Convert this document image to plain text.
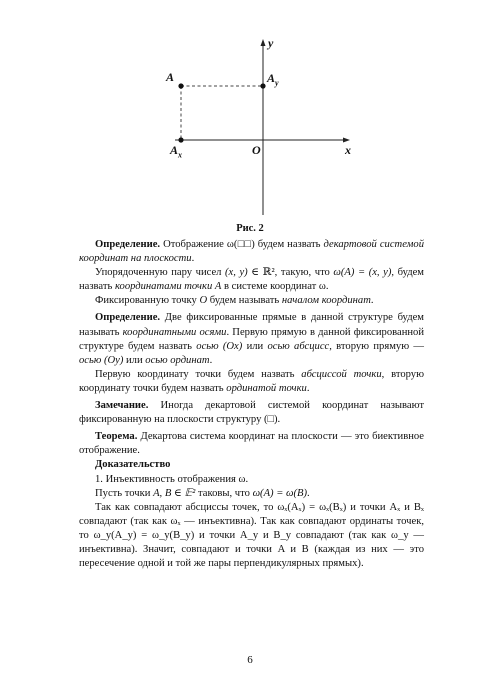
y
A	$A_y$
$A_x$	O	x
Рис. 2

Определение. Отображение ω(□□) будем назвать декартовой системой координат на плоскости.

Упорядоченную пару чисел (x, y) ∈ ℝ², такую, что ω(A) = (x, y), будем назвать координатами точки A в системе координат ω.

Фиксированную точку O будем называть началом координат.

Определение. Две фиксированные прямые в данной структуре будем называть координатными осями. Первую прямую в данной фиксированной структуре будем назвать осью (Ox) или осью абсцисс, вторую прямую — осью (Oy) или осью ординат.

Первую координату точки будем назвать абсциссой точки, вторую координату точки будем назвать ординатой точки.

Замечание. Иногда декартовой системой координат называют фиксированную на плоскости структуру (□).

Теорема. Декартова система координат на плоскости — это биективное отображение.

Доказательство

1. Инъективность отображения ω.

Пусть точки A, B ∈ 𝔼² таковы, что ω(A) = ω(B).

Так как совпадают абсциссы точек, то ωₓ(Aₓ) = ωₓ(Bₓ) и точки Aₓ и Bₓ совпадают (так как ωₓ — инъективна). Так как совпадают ординаты точек, то ω_y(A_y) = ω_y(B_y) и точки A_y и B_y совпадают (так как ω_y — инъективна). Значит, совпадают и точки A и B (каждая из них — это пересечение одной и той же пары перпендикулярных прямых).

6
